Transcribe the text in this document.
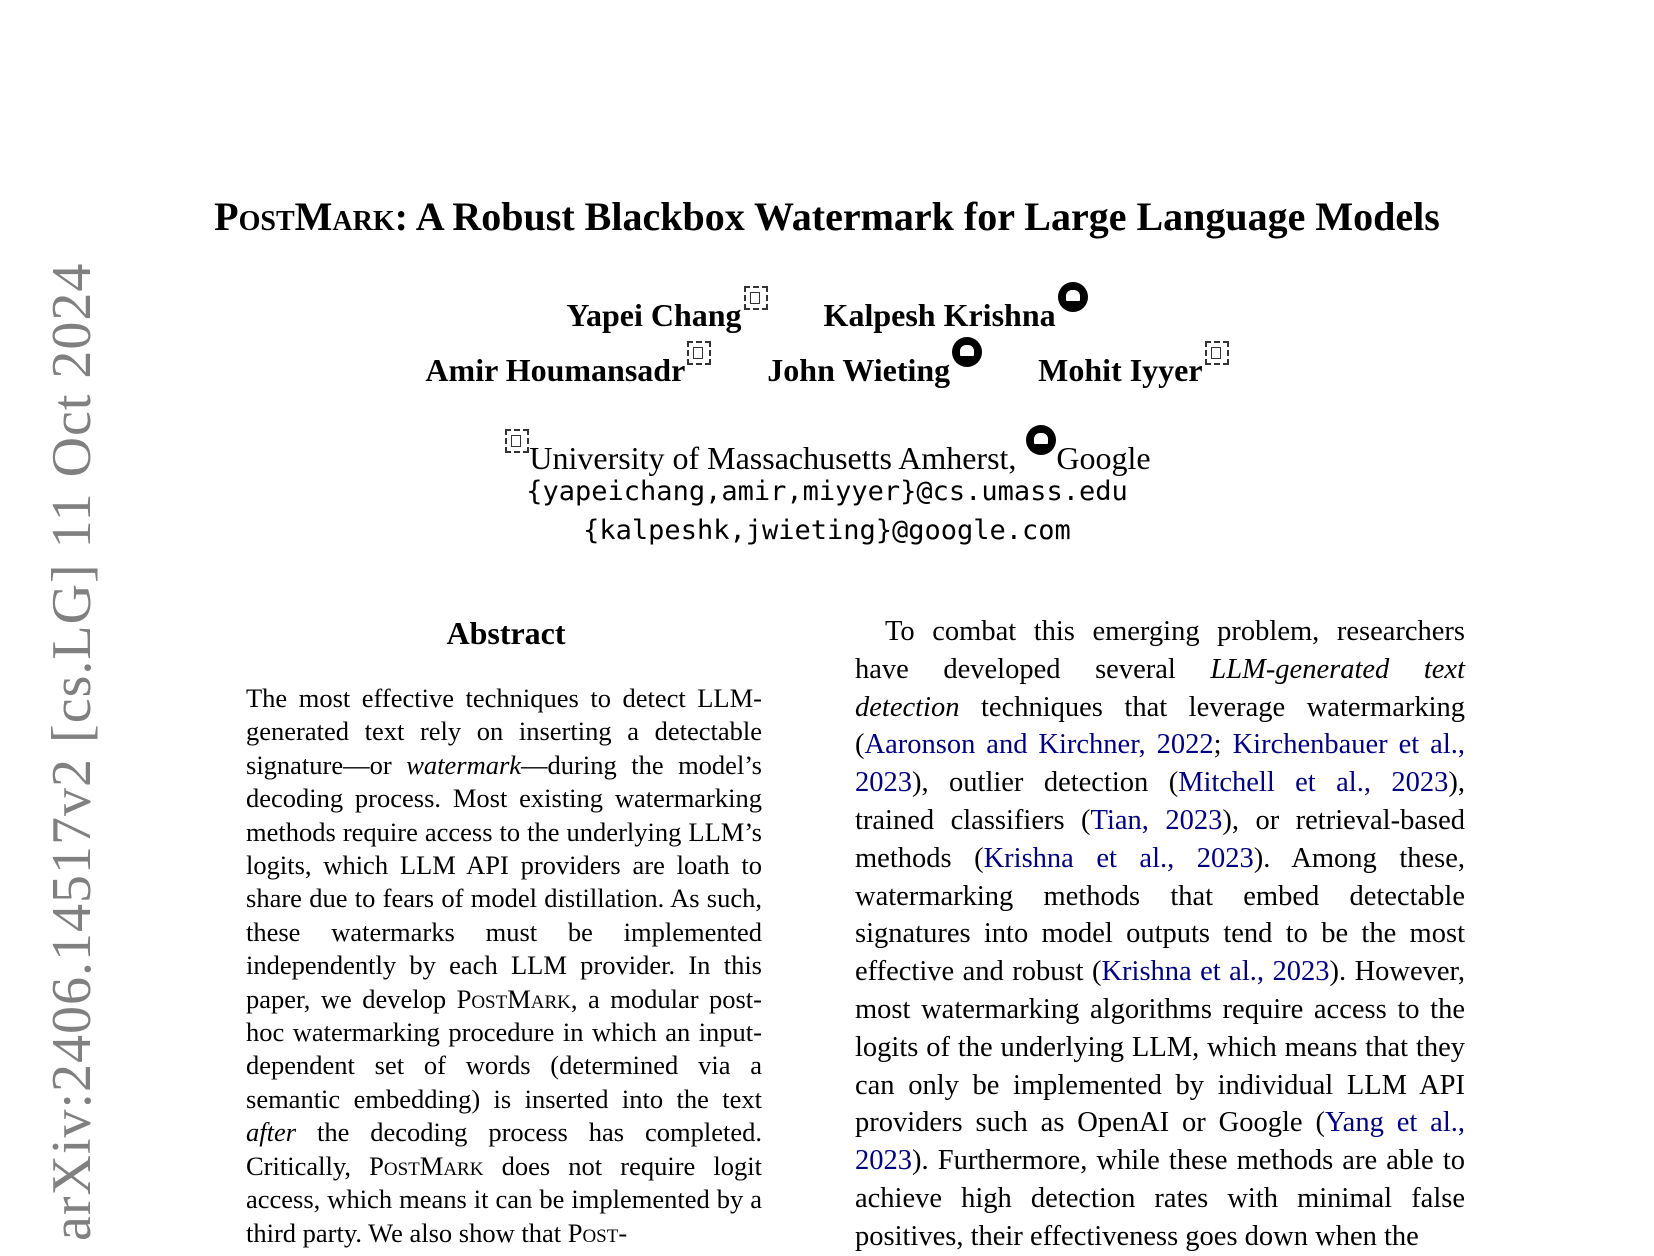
arXiv:2406.14517v2 [cs.LG] 11 Oct 2024
PostMark: A Robust Blackbox Watermark for Large Language Models
Yapei Chang	Kalpesh Krishna
Amir Houmansadr	John Wieting	Mohit Iyyer
University of Massachusetts Amherst, Google
{yapeichang,amir,miyyer}@cs.umass.edu
{kalpeshk,jwieting}@google.com
Abstract

The most effective techniques to detect LLM-generated text rely on inserting a detectable signature—or watermark—during the model’s decoding process. Most existing watermarking methods require access to the underlying LLM’s logits, which LLM API providers are loath to share due to fears of model distillation. As such, these watermarks must be implemented independently by each LLM provider. In this paper, we develop PostMark, a modular post-hoc watermarking procedure in which an input-dependent set of words (determined via a semantic embedding) is inserted into the text after the decoding process has completed. Critically, PostMark does not require logit access, which means it can be implemented by a third party. We also show that Post-

To combat this emerging problem, researchers have developed several LLM-generated text detection techniques that leverage watermarking (Aaronson and Kirchner, 2022; Kirchenbauer et al., 2023), outlier detection (Mitchell et al., 2023), trained classifiers (Tian, 2023), or retrieval-based methods (Krishna et al., 2023). Among these, watermarking methods that embed detectable signatures into model outputs tend to be the most effective and robust (Krishna et al., 2023). However, most watermarking algorithms require access to the logits of the underlying LLM, which means that they can only be implemented by individual LLM API providers such as OpenAI or Google (Yang et al., 2023). Furthermore, while these methods are able to achieve high detection rates with minimal false positives, their effectiveness goes down when the
